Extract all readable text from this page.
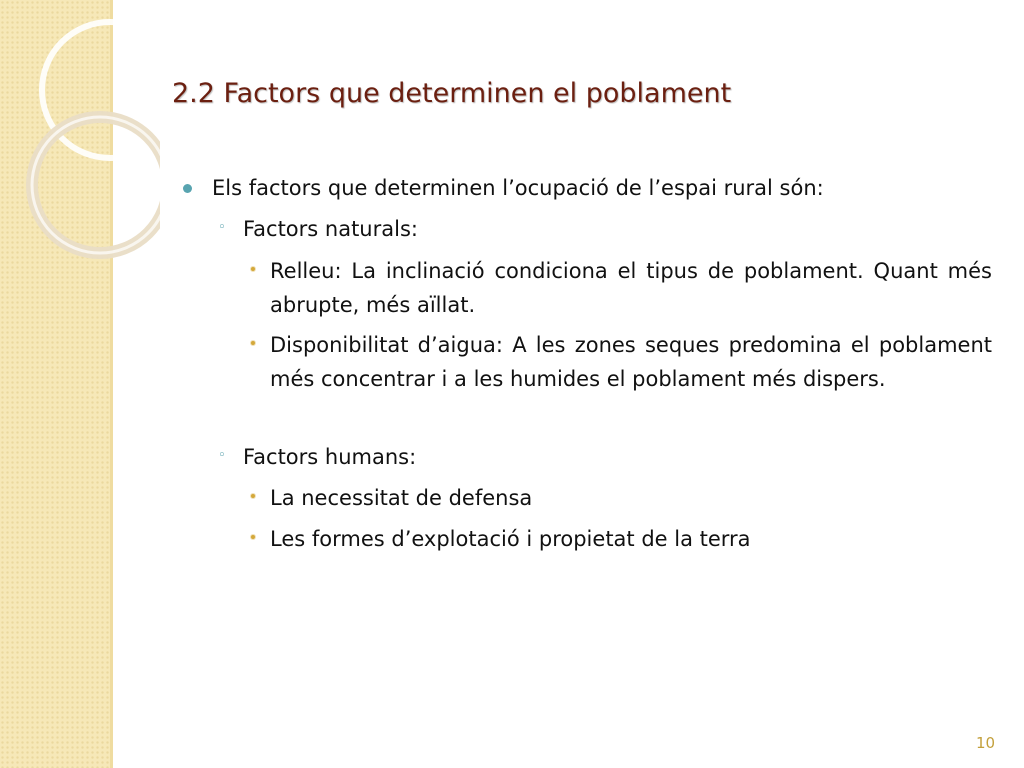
2.2 Factors que determinen el poblament

Els factors que determinen l’ocupació de l’espai rural són:

◦ Factors naturals:

Relleu: La inclinació condiciona el tipus de poblament. Quant més abrupte, més aïllat.

Disponibilitat d’aigua: A les zones seques predomina el poblament més concentrar i a les humides el poblament més dispers.

◦ Factors humans:

La necessitat de defensa

Les formes d’explotació i propietat de la terra

10
